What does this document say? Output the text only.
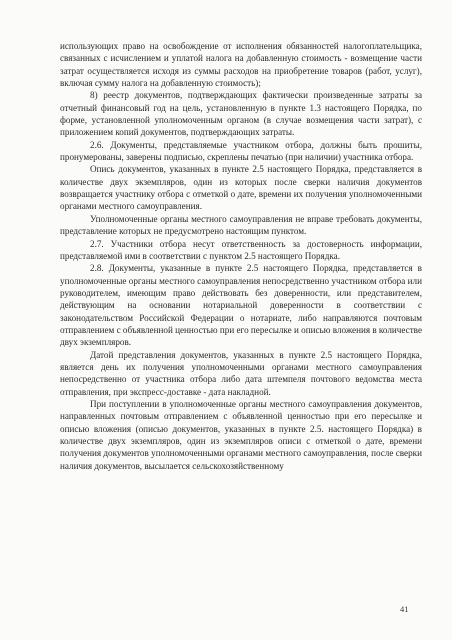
использующих право на освобождение от исполнения обязанностей налогоплательщика, связанных с исчислением и уплатой налога на добавленную стоимость - возмещение части затрат осуществляется исходя из суммы расходов на приобретение товаров (работ, услуг), включая сумму налога на добавленную стоимость);

8) реестр документов, подтверждающих фактически произведенные затраты за отчетный финансовый год на цель, установленную в пункте 1.3 настоящего Порядка, по форме, установленной уполномоченным органом (в случае возмещения части затрат), с приложением копий документов, подтверждающих затраты.

2.6. Документы, представляемые участником отбора, должны быть прошиты, пронумерованы, заверены подписью, скреплены печатью (при наличии) участника отбора.

Опись документов, указанных в пункте 2.5 настоящего Порядка, представляется в количестве двух экземпляров, один из которых после сверки наличия документов возвращается участнику отбора с отметкой о дате, времени их получения уполномоченными органами местного самоуправления.

Уполномоченные органы местного самоуправления не вправе требовать документы, представление которых не предусмотрено настоящим пунктом.

2.7. Участники отбора несут ответственность за достоверность информации, представляемой ими в соответствии с пунктом 2.5 настоящего Порядка.

2.8. Документы, указанные в пункте 2.5 настоящего Порядка, представляется в уполномоченные органы местного самоуправления непосредственно участником отбора или руководителем, имеющим право действовать без доверенности, или представителем, действующим на основании нотариальной доверенности в соответствии с законодательством Российской Федерации о нотариате, либо направляются почтовым отправлением с объявленной ценностью при его пересылке и описью вложения в количестве двух экземпляров.

Датой представления документов, указанных в пункте 2.5 настоящего Порядка, является день их получения уполномоченными органами местного самоуправления непосредственно от участника отбора либо дата штемпеля почтового ведомства места отправления, при экспресс-доставке - дата накладной.

При поступлении в уполномоченные органы местного самоуправления документов, направленных почтовым отправлением с объявленной ценностью при его пересылке и описью вложения (описью документов, указанных в пункте 2.5. настоящего Порядка) в количестве двух экземпляров, один из экземпляров описи с отметкой о дате, времени получения документов уполномоченными органами местного самоуправления, после сверки наличия документов, высылается сельскохозяйственному

41
